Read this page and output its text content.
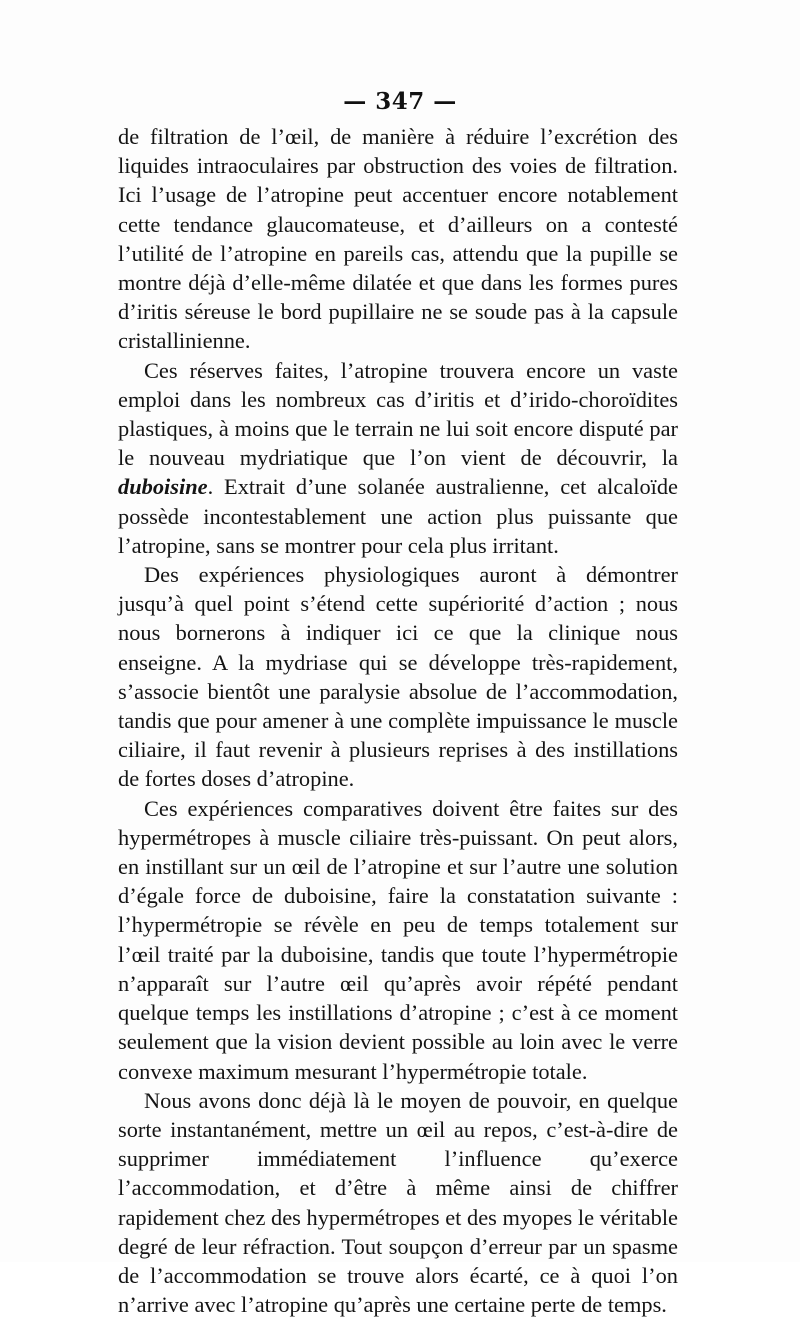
— 347 —

de filtration de l’œil, de manière à réduire l’excrétion des liquides intraoculaires par obstruction des voies de filtration. Ici l’usage de l’atropine peut accentuer encore notablement cette tendance glaucomateuse, et d’ailleurs on a contesté l’utilité de l’atropine en pareils cas, attendu que la pupille se montre déjà d’elle-même dilatée et que dans les formes pures d’iritis séreuse le bord pupillaire ne se soude pas à la capsule cristallinienne.

Ces réserves faites, l’atropine trouvera encore un vaste emploi dans les nombreux cas d’iritis et d’irido-choroïdites plastiques, à moins que le terrain ne lui soit encore disputé par le nouveau mydriatique que l’on vient de découvrir, la duboisine. Extrait d’une solanée australienne, cet alcaloïde possède incontestablement une action plus puissante que l’atropine, sans se montrer pour cela plus irritant.

Des expériences physiologiques auront à démontrer jusqu’à quel point s’étend cette supériorité d’action ; nous nous bornerons à indiquer ici ce que la clinique nous enseigne. A la mydriase qui se développe très-rapidement, s’associe bientôt une paralysie absolue de l’accommodation, tandis que pour amener à une complète impuissance le muscle ciliaire, il faut revenir à plusieurs reprises à des instillations de fortes doses d’atropine.

Ces expériences comparatives doivent être faites sur des hypermétropes à muscle ciliaire très-puissant. On peut alors, en instillant sur un œil de l’atropine et sur l’autre une solution d’égale force de duboisine, faire la constatation suivante : l’hypermétropie se révèle en peu de temps totalement sur l’œil traité par la duboisine, tandis que toute l’hypermétropie n’apparaît sur l’autre œil qu’après avoir répété pendant quelque temps les instillations d’atropine ; c’est à ce moment seulement que la vision devient possible au loin avec le verre convexe maximum mesurant l’hypermétropie totale.

Nous avons donc déjà là le moyen de pouvoir, en quelque sorte instantanément, mettre un œil au repos, c’est-à-dire de supprimer immédiatement l’influence qu’exerce l’accommodation, et d’être à même ainsi de chiffrer rapidement chez des hypermétropes et des myopes le véritable degré de leur réfraction. Tout soupçon d’erreur par un spasme de l’accommodation se trouve alors écarté, ce à quoi l’on n’arrive avec l’atropine qu’après une certaine perte de temps.
